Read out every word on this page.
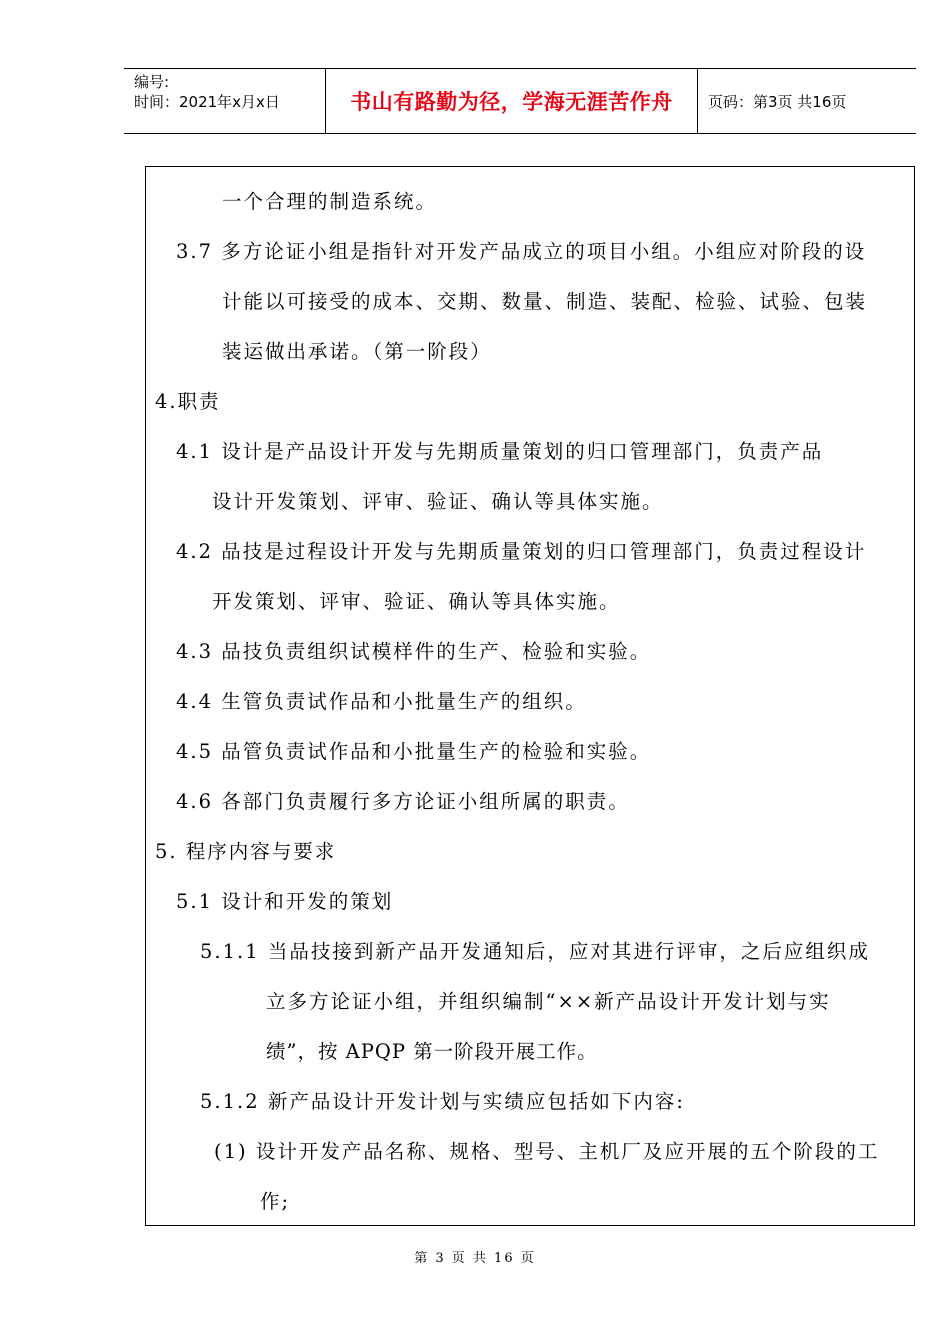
编号:
时间：2021年x月x日	书山有路勤为径，学海无涯苦作舟 页码：第3页 共16页
一个合理的制造系统。
3.7 多方论证小组是指针对开发产品成立的项目小组。小组应对阶段的设
计能以可接受的成本、交期、数量、制造、装配、检验、试验、包装
装运做出承诺。（第一阶段）
4.职责
4.1 设计是产品设计开发与先期质量策划的归口管理部门，负责产品
设计开发策划、评审、验证、确认等具体实施。
4.2 品技是过程设计开发与先期质量策划的归口管理部门，负责过程设计
开发策划、评审、验证、确认等具体实施。
4.3 品技负责组织试模样件的生产、检验和实验。
4.4 生管负责试作品和小批量生产的组织。
4.5 品管负责试作品和小批量生产的检验和实验。
4.6 各部门负责履行多方论证小组所属的职责。
5. 程序内容与要求
5.1 设计和开发的策划
5.1.1 当品技接到新产品开发通知后，应对其进行评审，之后应组织成
立多方论证小组，并组织编制“××新产品设计开发计划与实
绩”，按 APQP 第一阶段开展工作。
5.1.2 新产品设计开发计划与实绩应包括如下内容:
(1) 设计开发产品名称、规格、型号、主机厂及应开展的五个阶段的工
作;
第 3 页 共 16 页
